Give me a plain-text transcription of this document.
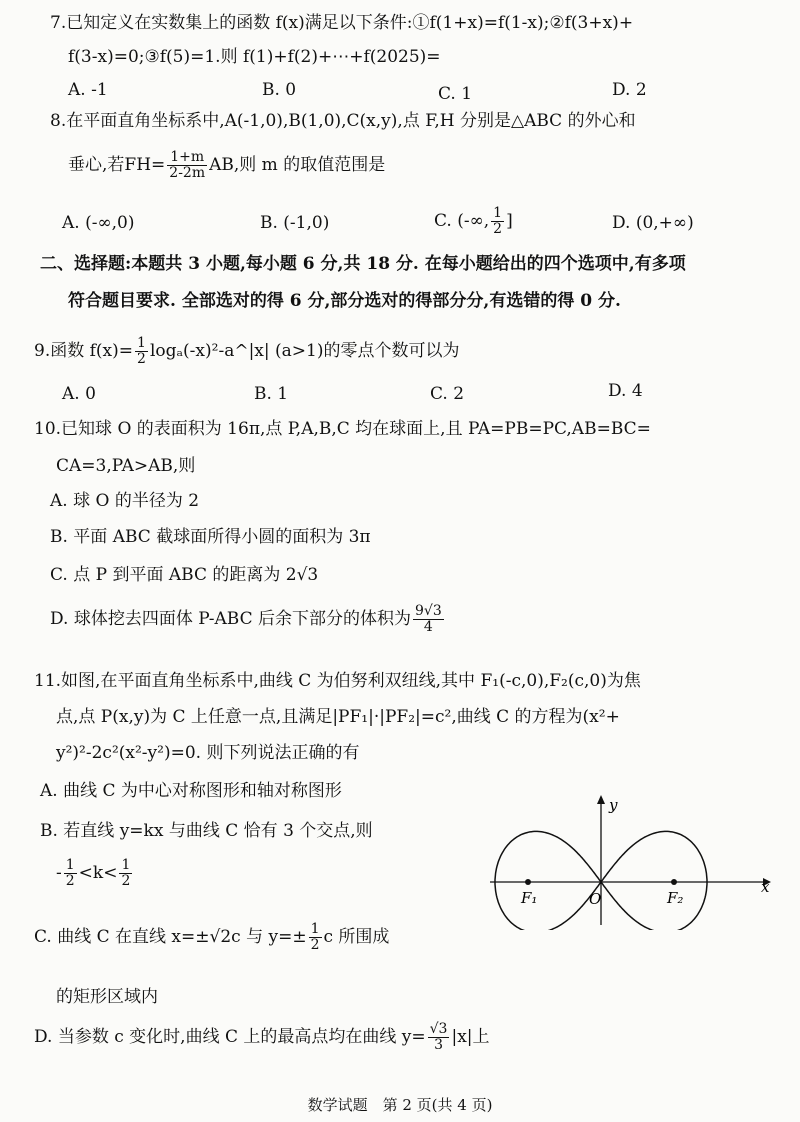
7.已知定义在实数集上的函数 f(x)满足以下条件:①f(1+x)=f(1-x);②f(3+x)+
f(3-x)=0;③f(5)=1.则 f(1)+f(2)+⋯+f(2025)=
A. -1	B. 0	C. 1	D. 2
8.在平面直角坐标系中,A(-1,0),B(1,0),C(x,y),点 F,H 分别是△ABC 的外心和
垂心,若$FH= \frac{1+m}{2-2m}$ AB,则 m 的取值范围是
A. (-∞,0)	B. (-1,0)	C. (-∞, $\frac{1}{2}$ ]	D. (0,+∞)
二、选择题:本题共 3 小题,每小题 6 分,共 18 分. 在每小题给出的四个选项中,有多项
符合题目要求. 全部选对的得 6 分,部分选对的得部分分,有选错的得 0 分.
9.函数 $f(x)= \frac{1}{2}$ logₐ(-x)²-a^|x| (a>1)的零点个数可以为
A. 0	B. 1	C. 2	D. 4
10.已知球 O 的表面积为 16π,点 P,A,B,C 均在球面上,且 PA=PB=PC,AB=BC=
CA=3,PA>AB,则
A. 球 O 的半径为 2
B. 平面 ABC 截球面所得小圆的面积为 3π
C. 点 P 到平面 ABC 的距离为 2√3
D. 球体挖去四面体 P-ABC 后余下部分的体积为 $\frac{9√3}{4}$
11.如图,在平面直角坐标系中,曲线 C 为伯努利双纽线,其中 F₁(-c,0),F₂(c,0)为焦
点,点 P(x,y)为 C 上任意一点,且满足|PF₁|·|PF₂|=c²,曲线 C 的方程为(x²+
y²)²-2c²(x²-y²)=0. 则下列说法正确的有
A. 曲线 C 为中心对称图形和轴对称图形
B. 若直线 y=kx 与曲线 C 恰有 3 个交点,则
- $\frac{1}{2} <k< \frac{1}{2}$
C. 曲线 C 在直线 x=±√2c 与 $y=\pm \frac{1}{2}$ c 所围成
的矩形区域内
D. 当参数 c 变化时,曲线 C 上的最高点均在曲线 $y= \frac{√3}{3} |x|$上
y
x
F₁	F₂
O
数学试题　第 2 页(共 4 页)
